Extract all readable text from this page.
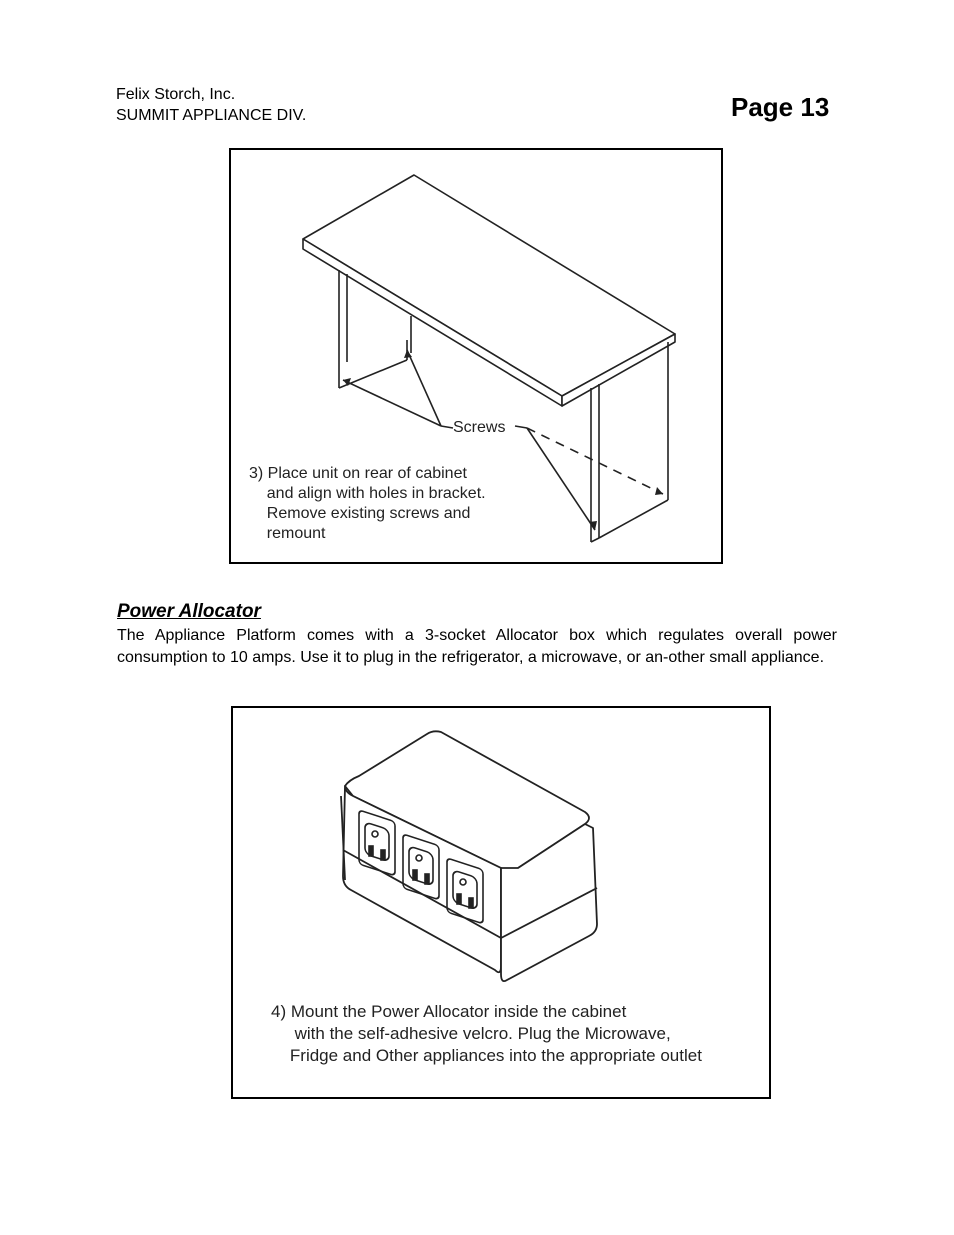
Felix Storch, Inc.
SUMMIT APPLIANCE DIV.	Page 13
Screws
3) Place unit on rear of cabinet
and align with holes in bracket.
Remove existing screws and
remount
Power Allocator
The Appliance Platform comes with a 3-socket Allocator box which regulates overall power consumption to 10 amps. Use it to plug in the refrigerator, a microwave, or an-other small appliance.
4) Mount the Power Allocator inside the cabinet
with the self-adhesive velcro. Plug the Microwave,
Fridge and Other appliances into the appropriate outlet
